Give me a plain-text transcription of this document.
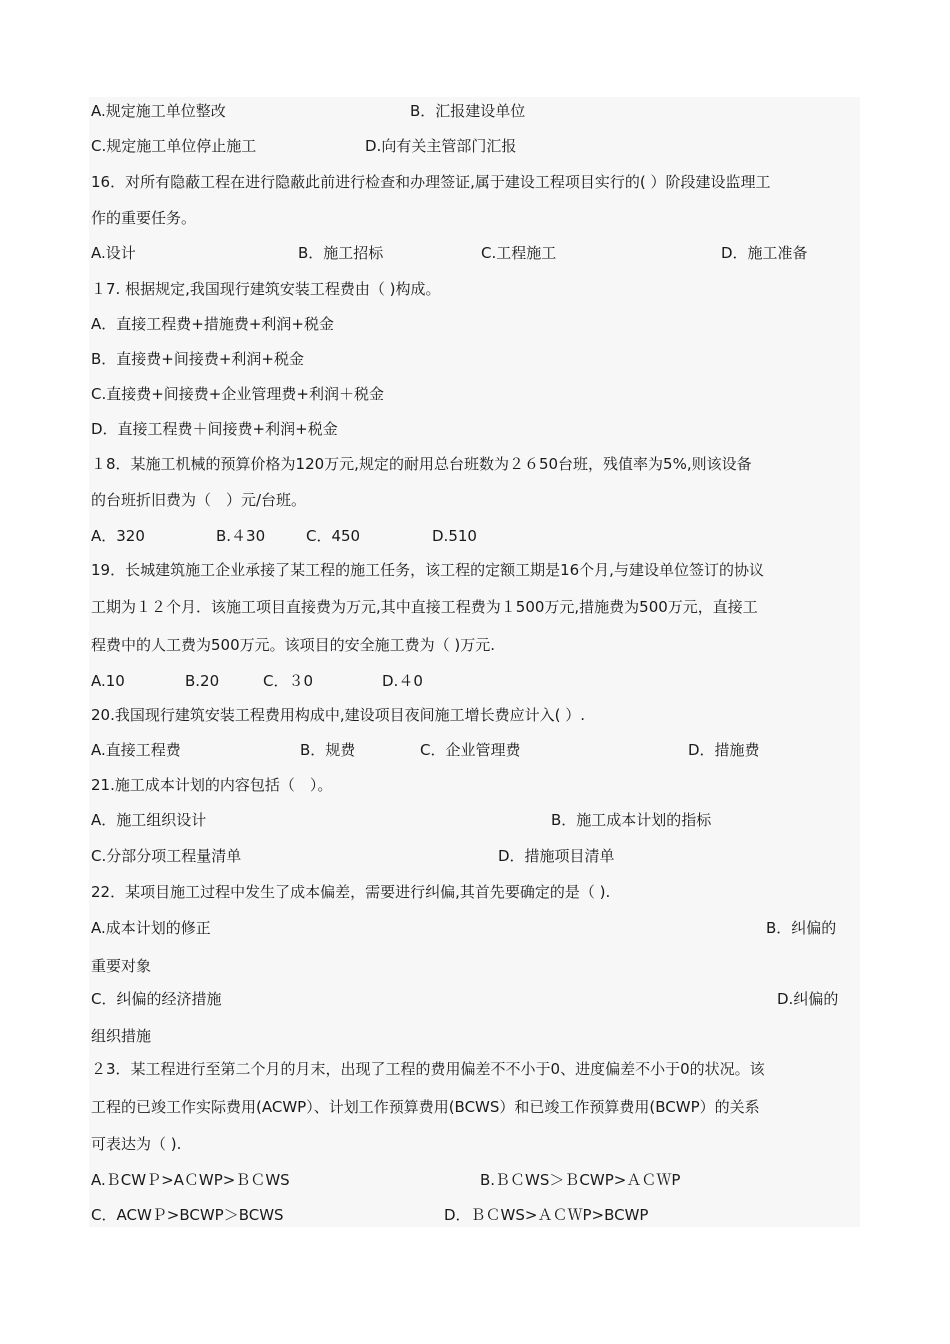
A.规定施工单位整改	B．汇报建设单位
C.规定施工单位停止施工	D.向有关主管部门汇报
16．对所有隐蔽工程在进行隐蔽此前进行检查和办理签证,属于建设工程项目实行的( ）阶段建设监理工
作的重要任务。
A.设计	B．施工招标	C.工程施工	D．施工准备
１7. 根据规定,我国现行建筑安装工程费由（ )构成。
A．直接工程费+措施费+利润+税金
B．直接费+间接费+利润+税金
C.直接费+间接费+企业管理费+利润＋税金
D．直接工程费＋间接费+利润+税金
１8．某施工机械的预算价格为120万元,规定的耐用总台班数为２６50台班，残值率为5%,则该设备
的台班折旧费为（　）元/台班。
A．320	B.４30	C．450	D.510
19．长城建筑施工企业承接了某工程的施工任务，该工程的定额工期是16个月,与建设单位签订的协议
工期为１２个月．该施工项目直接费为万元,其中直接工程费为１500万元,措施费为500万元，直接工
程费中的人工费为500万元。该项目的安全施工费为（ )万元.
A.10	B.20	C．３0	D.４0
20.我国现行建筑安装工程费用构成中,建设项目夜间施工增长费应计入( ）.
A.直接工程费	B．规费	C．企业管理费	D．措施费
21.施工成本计划的内容包括（　）。
A．施工组织设计	B．施工成本计划的指标
C.分部分项工程量清单	D．措施项目清单
22．某项目施工过程中发生了成本偏差，需要进行纠偏,其首先要确定的是（ ).
A.成本计划的修正	B．纠偏的
重要对象
C．纠偏的经济措施	D.纠偏的
组织措施
２3．某工程进行至第二个月的月末，出现了工程的费用偏差不不小于0、进度偏差不小于0的状况。该
工程的已竣工作实际费用(ACWP）、计划工作预算费用(BCWS）和已竣工作预算费用(BCWP）的关系
可表达为（ ).
A.ＢCWＰ>AＣWP>ＢＣWS	B.ＢＣWS＞ＢCWP>ＡＣＷP
C．ACWＰ>BCWP＞BCWS	D．ＢＣWS>ＡＣＷP>BCWP
